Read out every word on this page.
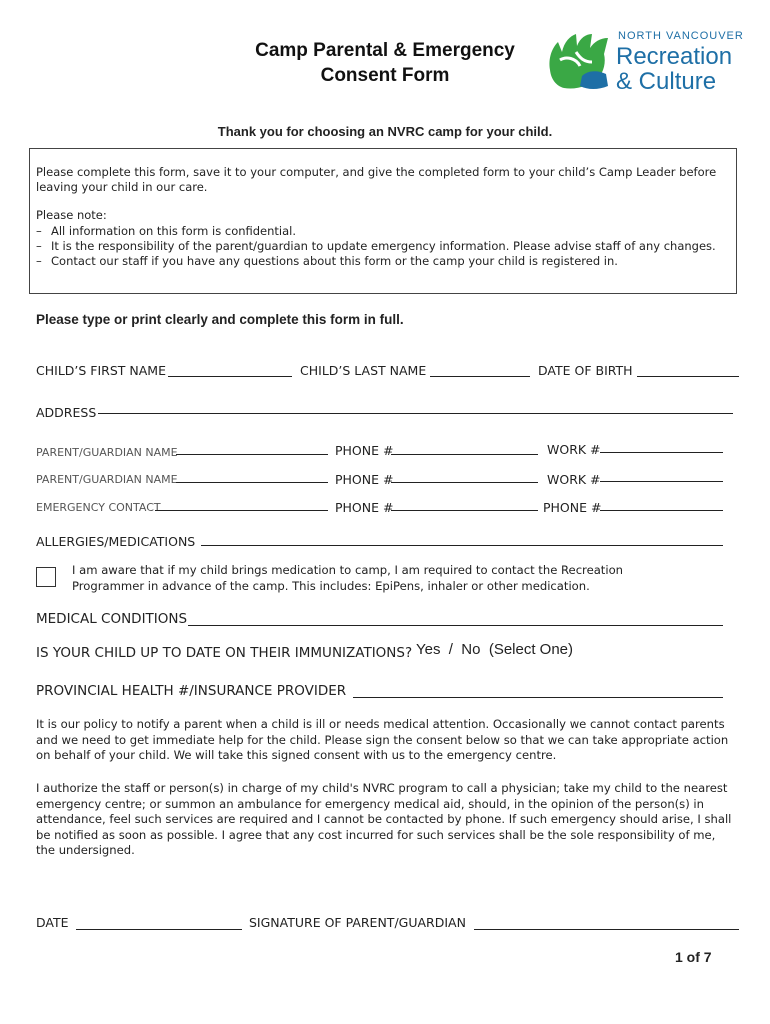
Camp Parental & Emergency
Consent Form
NORTH VANCOUVER
Recreation
& Culture
Thank you for choosing an NVRC camp for your child.
Please complete this form, save it to your computer, and give the completed form to your child’s Camp Leader before leaving your child in our care.
Please note:
– All information on this form is confidential.
– It is the responsibility of the parent/guardian to update emergency information. Please advise staff of any changes.
– Contact our staff if you have any questions about this form or the camp your child is registered in.
Please type or print clearly and complete this form in full.
CHILD’S FIRST NAME	CHILD’S LAST NAME	DATE OF BIRTH
ADDRESS
PARENT/GUARDIAN NAME	PHONE #	WORK #
PARENT/GUARDIAN NAME	PHONE #	WORK #
EMERGENCY CONTACT	PHONE #	PHONE #
ALLERGIES/MEDICATIONS
I am aware that if my child brings medication to camp, I am required to contact the Recreation Programmer in advance of the camp. This includes: EpiPens, inhaler or other medication.
MEDICAL CONDITIONS
IS YOUR CHILD UP TO DATE ON THEIR IMMUNIZATIONS? Yes  /  No  (Select One)
PROVINCIAL HEALTH #/INSURANCE PROVIDER
It is our policy to notify a parent when a child is ill or needs medical attention. Occasionally we cannot contact parents and we need to get immediate help for the child. Please sign the consent below so that we can take appropriate action on behalf of your child. We will take this signed consent with us to the emergency centre.
I authorize the staff or person(s) in charge of my child's NVRC program to call a physician; take my child to the nearest emergency centre; or summon an ambulance for emergency medical aid, should, in the opinion of the person(s) in attendance, feel such services are required and I cannot be contacted by phone. If such emergency should arise, I shall be notified as soon as possible. I agree that any cost incurred for such services shall be the sole responsibility of me, the undersigned.
DATE	SIGNATURE OF PARENT/GUARDIAN
1 of 7
